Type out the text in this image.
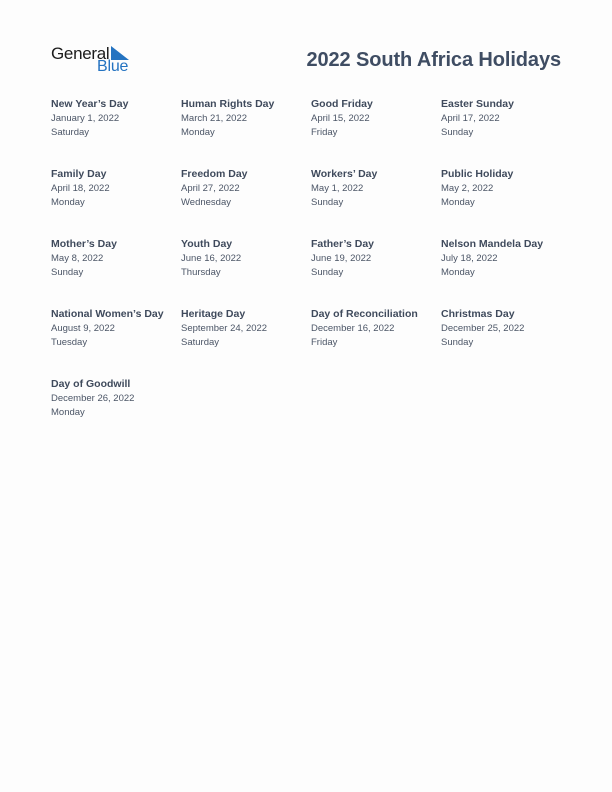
General
Blue	2022 South Africa Holidays
New Year’s Day
January 1, 2022
Saturday
Human Rights Day
March 21, 2022
Monday
Good Friday
April 15, 2022
Friday
Easter Sunday
April 17, 2022
Sunday
Family Day
April 18, 2022
Monday
Freedom Day
April 27, 2022
Wednesday
Workers’ Day
May 1, 2022
Sunday
Public Holiday
May 2, 2022
Monday
Mother’s Day
May 8, 2022
Sunday
Youth Day
June 16, 2022
Thursday
Father’s Day
June 19, 2022
Sunday
Nelson Mandela Day
July 18, 2022
Monday
National Women’s Day
August 9, 2022
Tuesday
Heritage Day
September 24, 2022
Saturday
Day of Reconciliation
December 16, 2022
Friday
Christmas Day
December 25, 2022
Sunday
Day of Goodwill
December 26, 2022
Monday
